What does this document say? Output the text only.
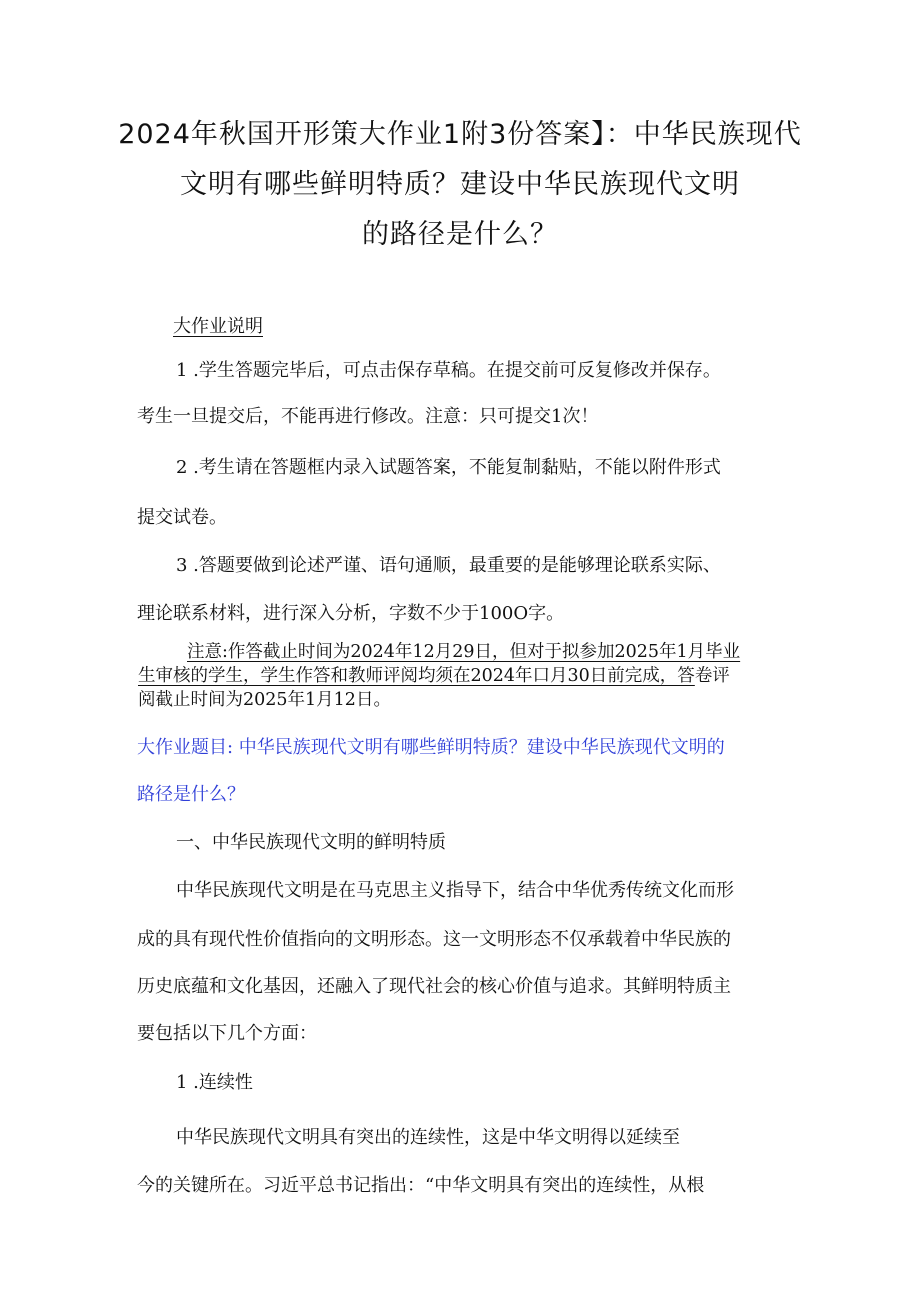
2024年秋国开形策大作业1附3份答案】：中华民族现代
文明有哪些鲜明特质？建设中华民族现代文明
的路径是什么？
大作业说明
1 .学生答题完毕后，可点击保存草稿。在提交前可反复修改并保存。
考生一旦提交后，不能再进行修改。注意：只可提交1次！
2 .考生请在答题框内录入试题答案，不能复制黏贴，不能以附件形式
提交试卷。
3 .答题要做到论述严谨、语句通顺，最重要的是能够理论联系实际、
理论联系材料，进行深入分析，字数不少于100O字。
注意:作答截止时间为2024年12月29日，但对于拟参加2025年1月毕业
生审核的学生，学生作答和教师评阅均须在2024年口月30日前完成，答卷评
阅截止时间为2025年1月12日。
大作业题目: 中华民族现代文明有哪些鲜明特质？建设中华民族现代文明的
路径是什么？
一、中华民族现代文明的鲜明特质
中华民族现代文明是在马克思主义指导下，结合中华优秀传统文化而形
成的具有现代性价值指向的文明形态。这一文明形态不仅承载着中华民族的
历史底蕴和文化基因，还融入了现代社会的核心价值与追求。其鲜明特质主
要包括以下几个方面：
1 .连续性
中华民族现代文明具有突出的连续性，这是中华文明得以延续至
今的关键所在。习近平总书记指出：“中华文明具有突出的连续性，从根
